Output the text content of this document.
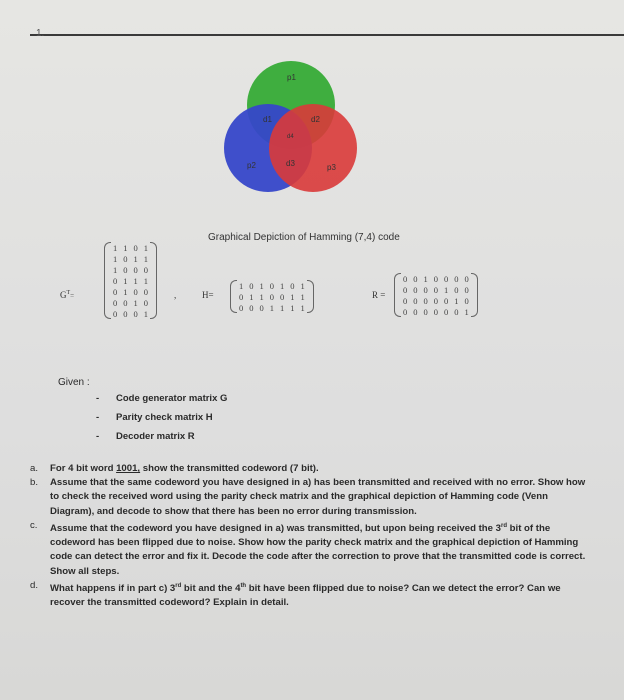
1.
p1
d1	d2
d4
p2	d3	p3
Graphical Depiction of Hamming (7,4) code
$G^T=$
1	1	0	1
1	0	1	1
1	0	0	0
0	1	1	1
0	1	0	0
0	0	1	0
0	0	0	1
,	H=
1	0	1	0	1	0	1
0	1	1	0	0	1	1
0	0	0	1	1	1	1
R =
0	0	1	0	0	0	0
0	0	0	0	1	0	0
0	0	0	0	0	1	0
0	0	0	0	0	0	1
Given :
- Code generator matrix G
- Parity check matrix H
- Decoder matrix R
a. For 4 bit word 1001, show the transmitted codeword (7 bit).
b. Assume that the same codeword you have designed in a) has been transmitted and received with no error. Show how to check the received word using the parity check matrix and the graphical depiction of Hamming code (Venn Diagram), and decode to show that there has been no error during transmission.
c. Assume that the codeword you have designed in a) was transmitted, but upon being received the 3rd bit of the codeword has been flipped due to noise. Show how the parity check matrix and the graphical depiction of Hamming code can detect the error and fix it. Decode the code after the correction to prove that the transmitted code is correct. Show all steps.
d. What happens if in part c) 3rd bit and the 4th bit have been flipped due to noise? Can we detect the error? Can we recover the transmitted codeword? Explain in detail.
